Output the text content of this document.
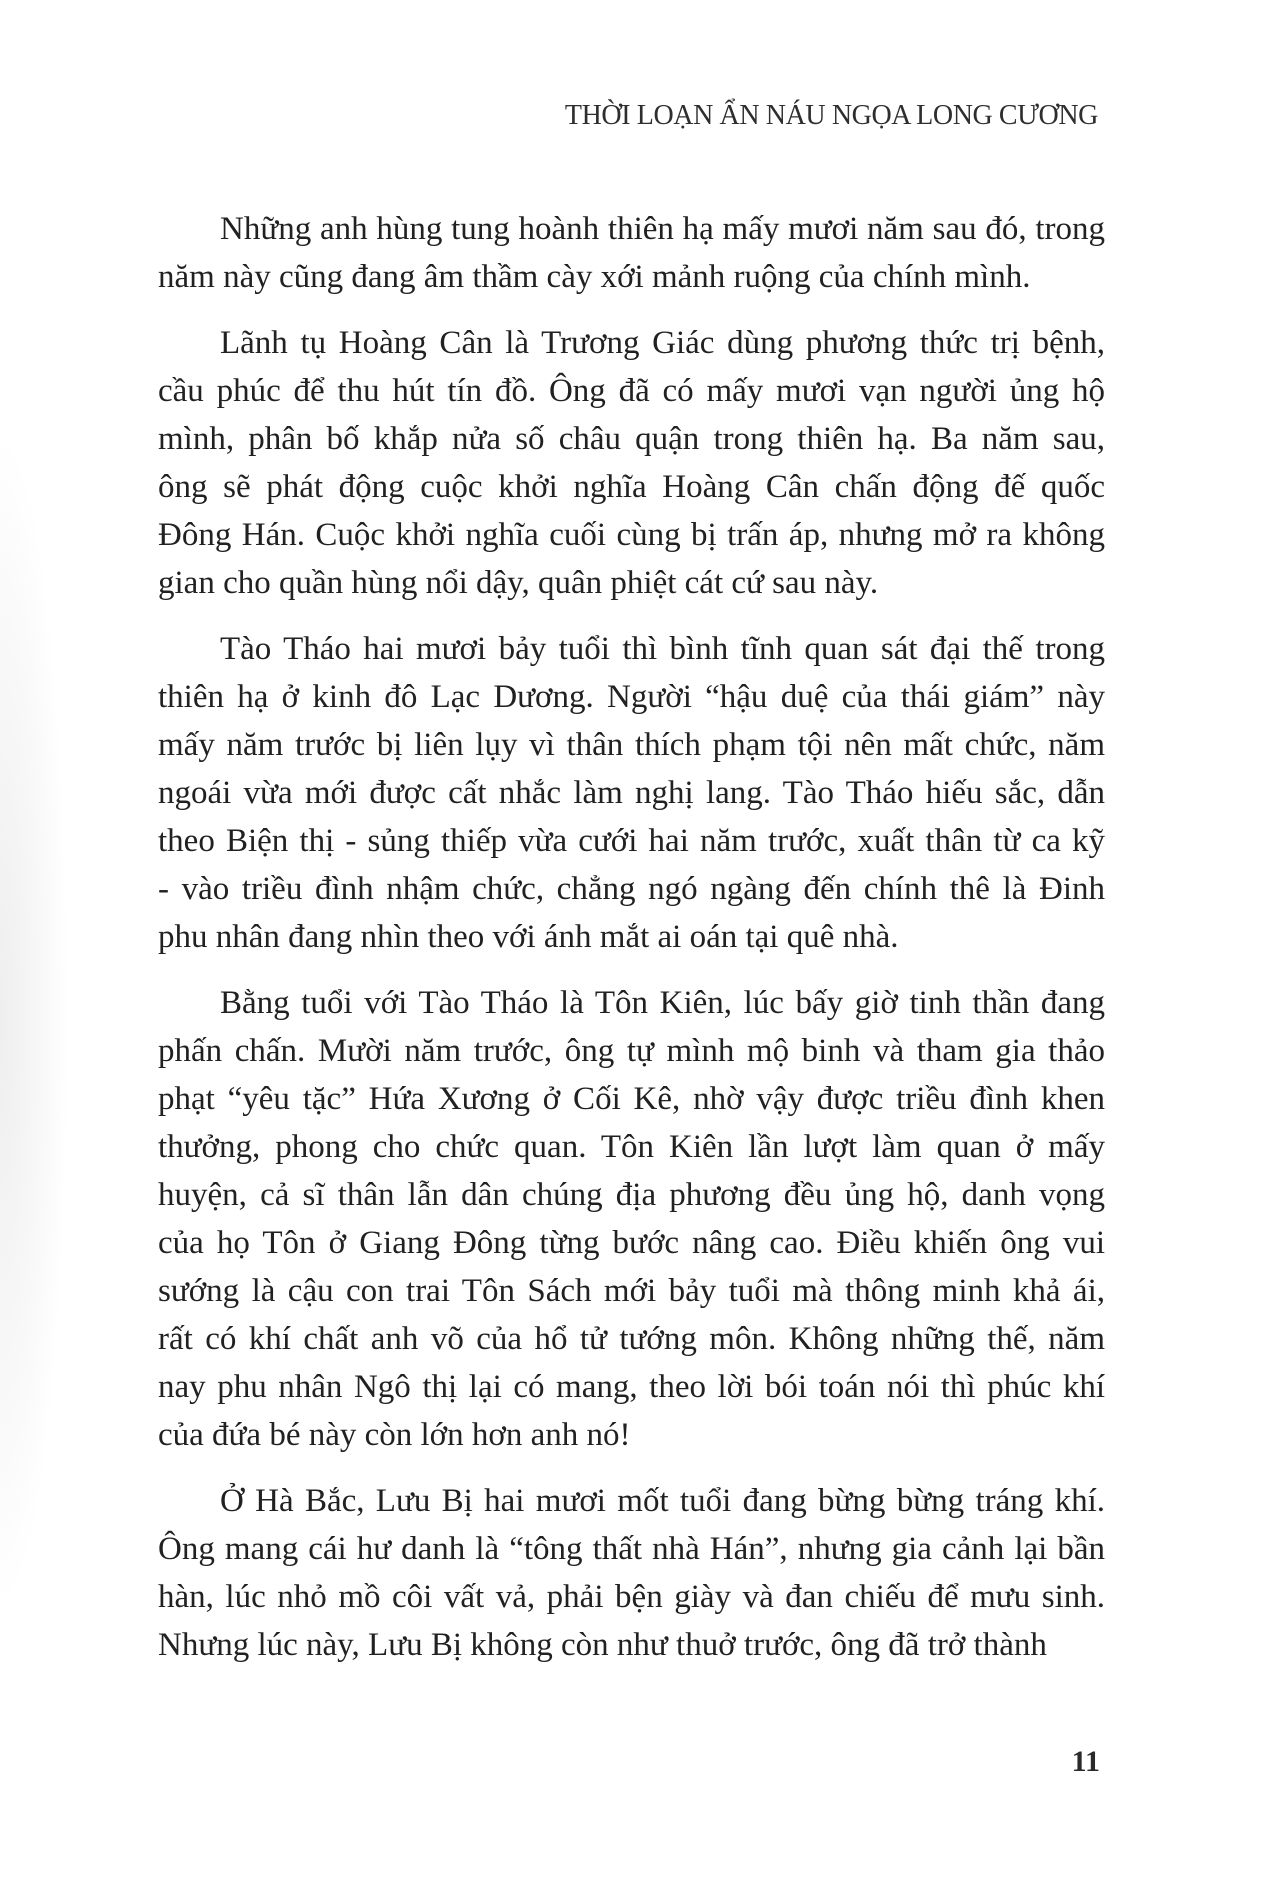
THỜI LOẠN ẨN NÁU NGỌA LONG CƯƠNG
Những anh hùng tung hoành thiên hạ mấy mươi năm sau đó, trong
năm này cũng đang âm thầm cày xới mảnh ruộng của chính mình.
Lãnh tụ Hoàng Cân là Trương Giác dùng phương thức trị bệnh,
cầu phúc để thu hút tín đồ. Ông đã có mấy mươi vạn người ủng hộ
mình, phân bố khắp nửa số châu quận trong thiên hạ. Ba năm sau,
ông sẽ phát động cuộc khởi nghĩa Hoàng Cân chấn động đế quốc
Đông Hán. Cuộc khởi nghĩa cuối cùng bị trấn áp, nhưng mở ra không
gian cho quần hùng nổi dậy, quân phiệt cát cứ sau này.
Tào Tháo hai mươi bảy tuổi thì bình tĩnh quan sát đại thế trong
thiên hạ ở kinh đô Lạc Dương. Người “hậu duệ của thái giám” này
mấy năm trước bị liên lụy vì thân thích phạm tội nên mất chức, năm
ngoái vừa mới được cất nhắc làm nghị lang. Tào Tháo hiếu sắc, dẫn
theo Biện thị - sủng thiếp vừa cưới hai năm trước, xuất thân từ ca kỹ
- vào triều đình nhậm chức, chẳng ngó ngàng đến chính thê là Đinh
phu nhân đang nhìn theo với ánh mắt ai oán tại quê nhà.
Bằng tuổi với Tào Tháo là Tôn Kiên, lúc bấy giờ tinh thần đang
phấn chấn. Mười năm trước, ông tự mình mộ binh và tham gia thảo
phạt “yêu tặc” Hứa Xương ở Cối Kê, nhờ vậy được triều đình khen
thưởng, phong cho chức quan. Tôn Kiên lần lượt làm quan ở mấy
huyện, cả sĩ thân lẫn dân chúng địa phương đều ủng hộ, danh vọng
của họ Tôn ở Giang Đông từng bước nâng cao. Điều khiến ông vui
sướng là cậu con trai Tôn Sách mới bảy tuổi mà thông minh khả ái,
rất có khí chất anh võ của hổ tử tướng môn. Không những thế, năm
nay phu nhân Ngô thị lại có mang, theo lời bói toán nói thì phúc khí
của đứa bé này còn lớn hơn anh nó!
Ở Hà Bắc, Lưu Bị hai mươi mốt tuổi đang bừng bừng tráng khí.
Ông mang cái hư danh là “tông thất nhà Hán”, nhưng gia cảnh lại bần
hàn, lúc nhỏ mồ côi vất vả, phải bện giày và đan chiếu để mưu sinh.
Nhưng lúc này, Lưu Bị không còn như thuở trước, ông đã trở thành
11
